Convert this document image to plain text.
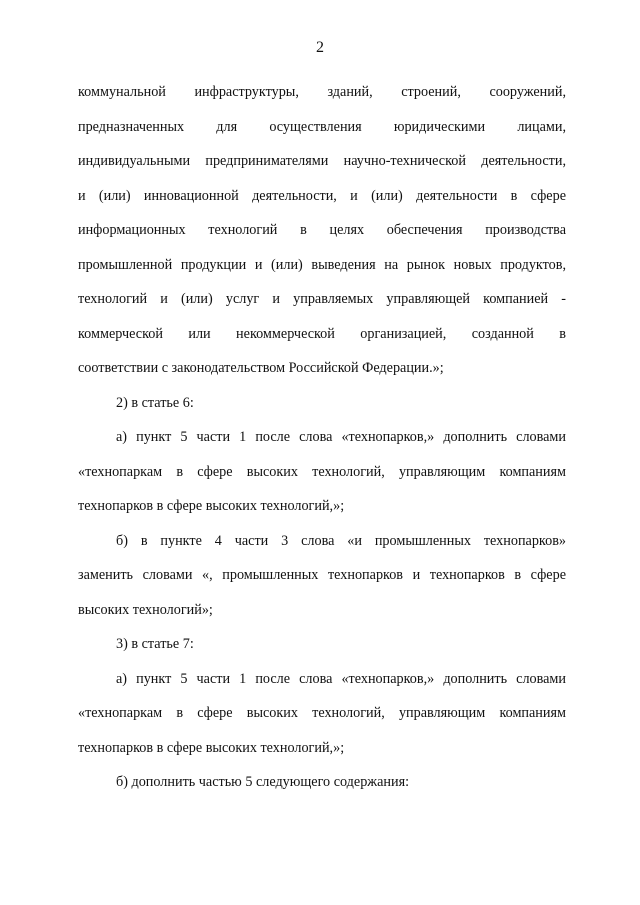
2
коммунальной инфраструктуры, зданий, строений, сооружений,
предназначенных для осуществления юридическими лицами,
индивидуальными предпринимателями научно-технической деятельности,
и (или) инновационной деятельности, и (или) деятельности в сфере
информационных технологий в целях обеспечения производства
промышленной продукции и (или) выведения на рынок новых продуктов,
технологий и (или) услуг и управляемых управляющей компанией -
коммерческой или некоммерческой организацией, созданной в
соответствии с законодательством Российской Федерации.»;
2) в статье 6:
а) пункт 5 части 1 после слова «технопарков,» дополнить словами
«технопаркам в сфере высоких технологий, управляющим компаниям
технопарков в сфере высоких технологий,»;
б) в пункте 4 части 3 слова «и промышленных технопарков»
заменить словами «, промышленных технопарков и технопарков в сфере
высоких технологий»;
3) в статье 7:
а) пункт 5 части 1 после слова «технопарков,» дополнить словами
«технопаркам в сфере высоких технологий, управляющим компаниям
технопарков в сфере высоких технологий,»;
б) дополнить частью 5 следующего содержания:
